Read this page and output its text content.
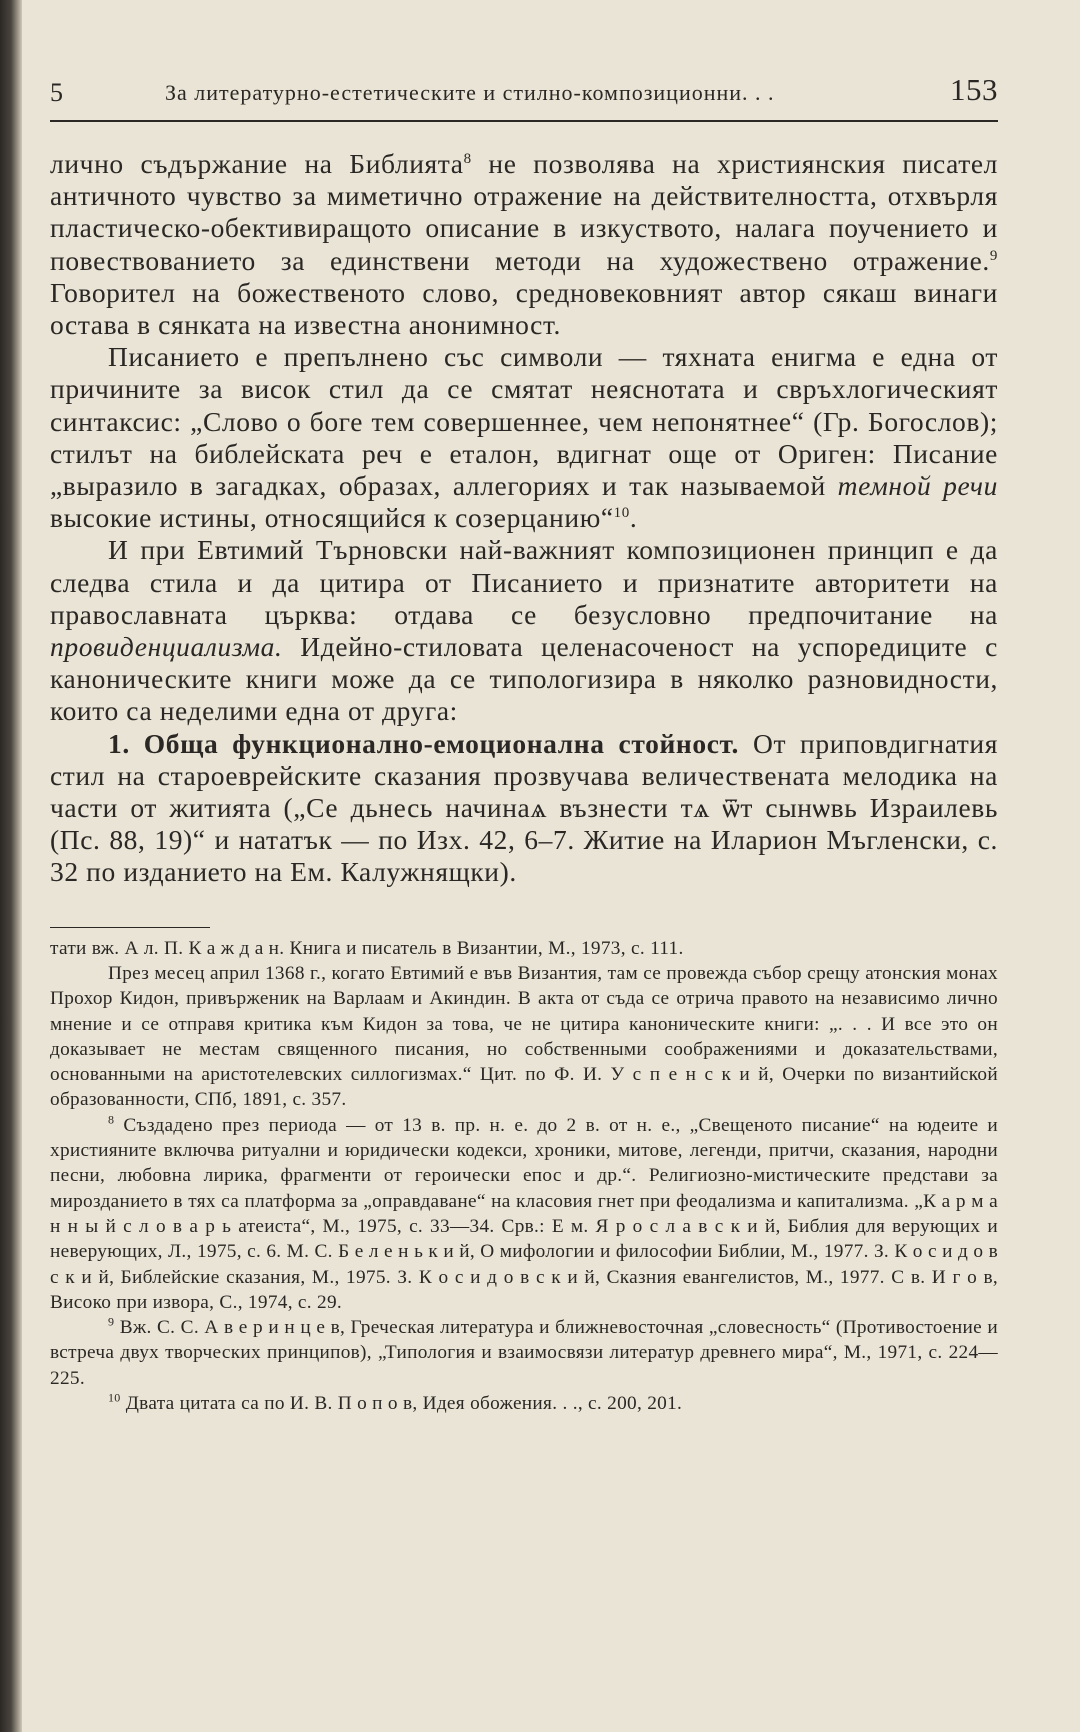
5	За литературно-естетическите и стилно-композиционни. . .	153

лично съдържание на Библията$^8$ не позволява на християнския писател античното чувство за миметично отражение на действителността, отхвърля пластическо-обективиращото описание в изкуството, налага поучението и повествованието за единствени методи на художествено отражение.$^9$ Говорител на божественото слово, средновековният автор сякаш винаги остава в сянката на известна анонимност.

Писанието е препълнено със символи — тяхната енигма е една от причините за висок стил да се смятат неяснотата и свръхлогическият синтаксис: „Слово о боге тем совершеннее, чем непонятнее“ (Гр. Богослов); стилът на библейската реч е еталон, вдигнат още от Ориген: Писание „выразило в загадках, образах, аллегориях и так называемой темной речи высокие истины, относящийся к созерцанию“$^{10}$.

И при Евтимий Търновски най-важният композиционен принцип е да следва стила и да цитира от Писанието и признатите авторитети на православната църква: отдава се безусловно предпочитание на провиденциализма. Идейно-стиловата целенасоченост на успоредиците с каноническите книги може да се типологизира в няколко разновидности, които са неделими една от друга:

1. Обща функционално-емоционална стойност. От приповдигнатия стил на староеврейските сказания прозвучава величествената мелодика на части от житията („Се дьнесь начинаѧ възнести тѧ ѿт сынѡвь Израилевь (Пс. 88, 19)“ и нататък — по Изх. 42, 6–7. Житие на Иларион Мъгленски, с. 32 по изданието на Ем. Калужнящки).

тати вж. А л. П. К а ж д а н. Книга и писатель в Византии, М., 1973, с. 111.

През месец април 1368 г., когато Евтимий е във Византия, там се провежда събор срещу атонския монах Прохор Кидон, привърженик на Варлаам и Акиндин. В акта от съда се отрича правото на независимо лично мнение и се отправя критика към Кидон за това, че не цитира каноническите книги: „. . . И все это он доказывает не местам священного писания, но собственными соображениями и доказательствами, основанными на аристотелевских силлогизмах.“ Цит. по Ф. И. У с п е н с к и й, Очерки по византийской образованности, СПб, 1891, с. 357.

$^8$ Създадено през периода — от 13 в. пр. н. е. до 2 в. от н. е., „Свещеното писание“ на юдеите и християните включва ритуални и юридически кодекси, хроники, митове, легенди, притчи, сказания, народни песни, любовна лирика, фрагменти от героически епос и др.“. Религиозно-мистическите представи за мирозданието в тях са платформа за „оправдаване“ на класовия гнет при феодализма и капитализма. „К а р м а н н ы й с л о в а р ь атеиста“, М., 1975, с. 33—34. Срв.: Е м. Я р о с л а в с к и й, Библия для верующих и неверующих, Л., 1975, с. 6. М. С. Б е л е н ь к и й, О мифологии и философии Библии, М., 1977. З. К о с и д о в с к и й, Библейские сказания, М., 1975. З. К о с и д о в с к и й, Сказния евангелистов, М., 1977. С в. И г о в, Високо при извора, С., 1974, с. 29.

$^9$ Вж. С. С. А в е р и н ц е в, Греческая литература и ближневосточная „словесность“ (Противостоение и встреча двух творческих принципов), „Типология и взаимосвязи литератур древнего мира“, М., 1971, с. 224—225.

$^{10}$ Двата цитата са по И. В. П о п о в, Идея обожения. . ., с. 200, 201.
